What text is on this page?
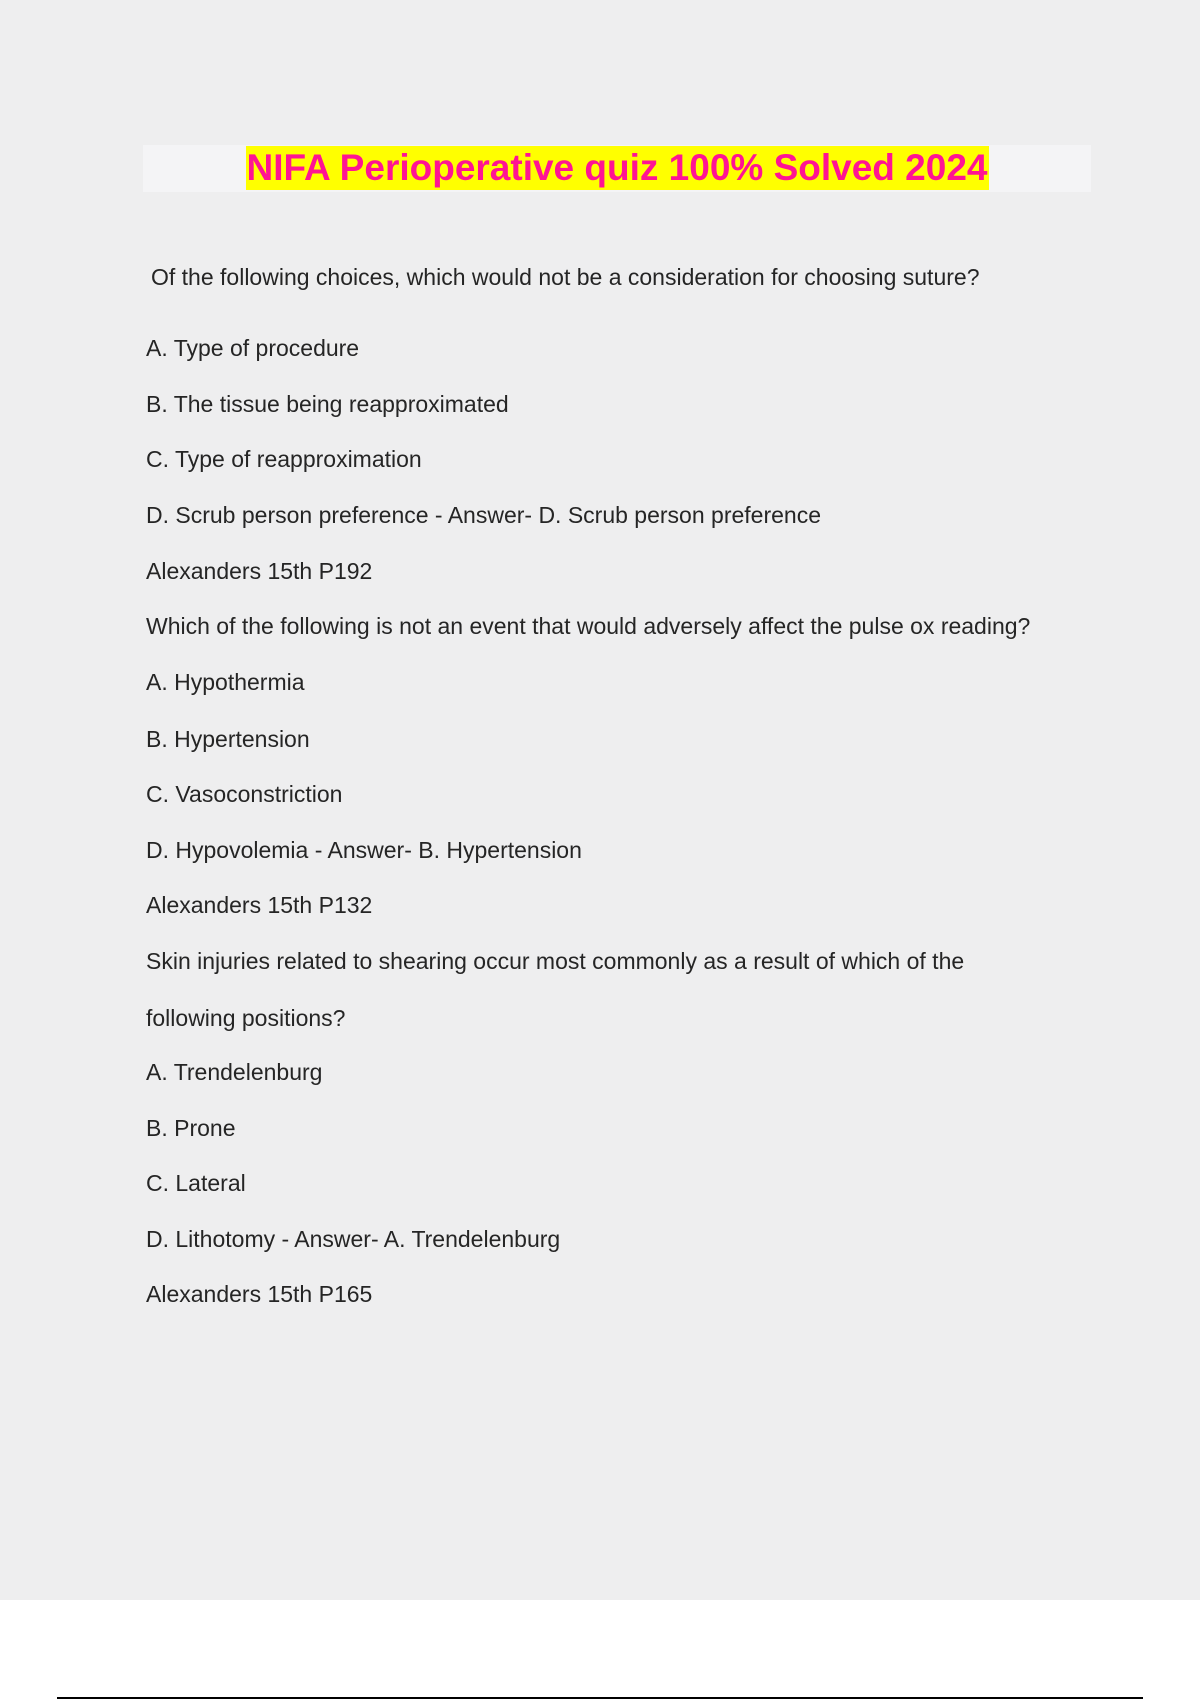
NIFA Perioperative quiz 100% Solved 2024
Of the following choices, which would not be a consideration for choosing suture?
A. Type of procedure
B. The tissue being reapproximated
C. Type of reapproximation
D. Scrub person preference - Answer- D. Scrub person preference
Alexanders 15th P192
Which of the following is not an event that would adversely affect the pulse ox reading?
A. Hypothermia
B. Hypertension
C. Vasoconstriction
D. Hypovolemia - Answer- B. Hypertension
Alexanders 15th P132
Skin injuries related to shearing occur most commonly as a result of which of the
following positions?
A. Trendelenburg
B. Prone
C. Lateral
D. Lithotomy - Answer- A. Trendelenburg
Alexanders 15th P165
